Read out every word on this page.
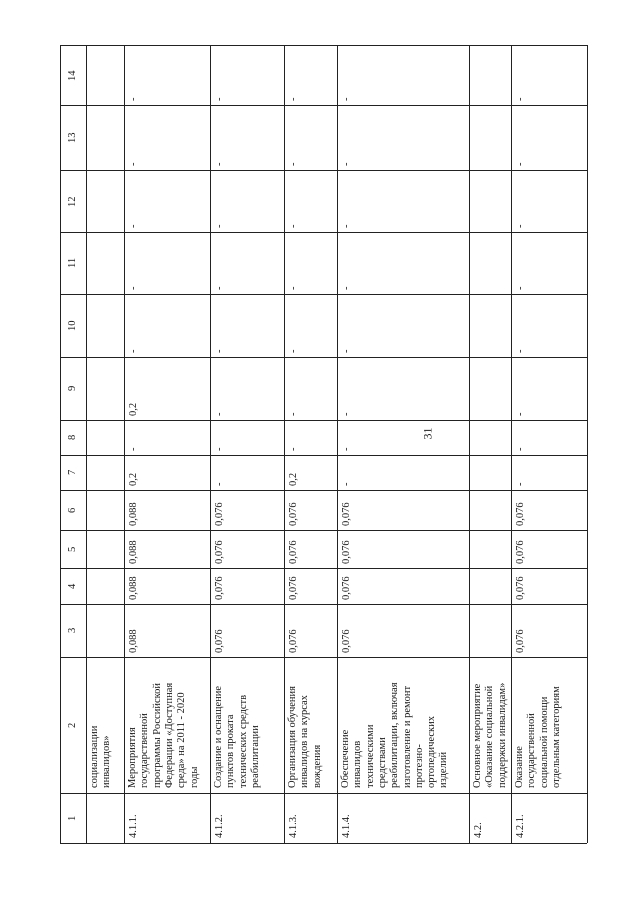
31
1
2
3
4
5
6
7
8
9
10
11
12
13
14
социализации инвалидов»
4.1.1.
Мероприятия государственной программы Российской Федерации «Доступная среда» на 2011 - 2020 годы
0,088
0,088
0,088
0,088
0,2
-
0,2
-
-
-
-
-
4.1.2.
Создание и оснащение пунктов проката технических средств реабилитации
0,076
0,076
0,076
0,076
-
-
-
-
-
-
-
-
4.1.3.
Организация обучения инвалидов на курсах вождения
0,076
0,076
0,076
0,076
0,2
-
-
-
-
-
-
-
4.1.4.
Обеспечение инвалидов техническими средствами реабилитации, включая изготовление и ремонт протезно- ортопедических изделий
0,076
0,076
0,076
0,076
-
-
-
-
-
-
-
-
4.2.
Основное мероприятие «Оказание социальной поддержки инвалидам»
4.2.1.
Оказание государственной социальной помощи отдельным категориям
0,076
0,076
0,076
0,076
-
-
-
-
-
-
-
-
